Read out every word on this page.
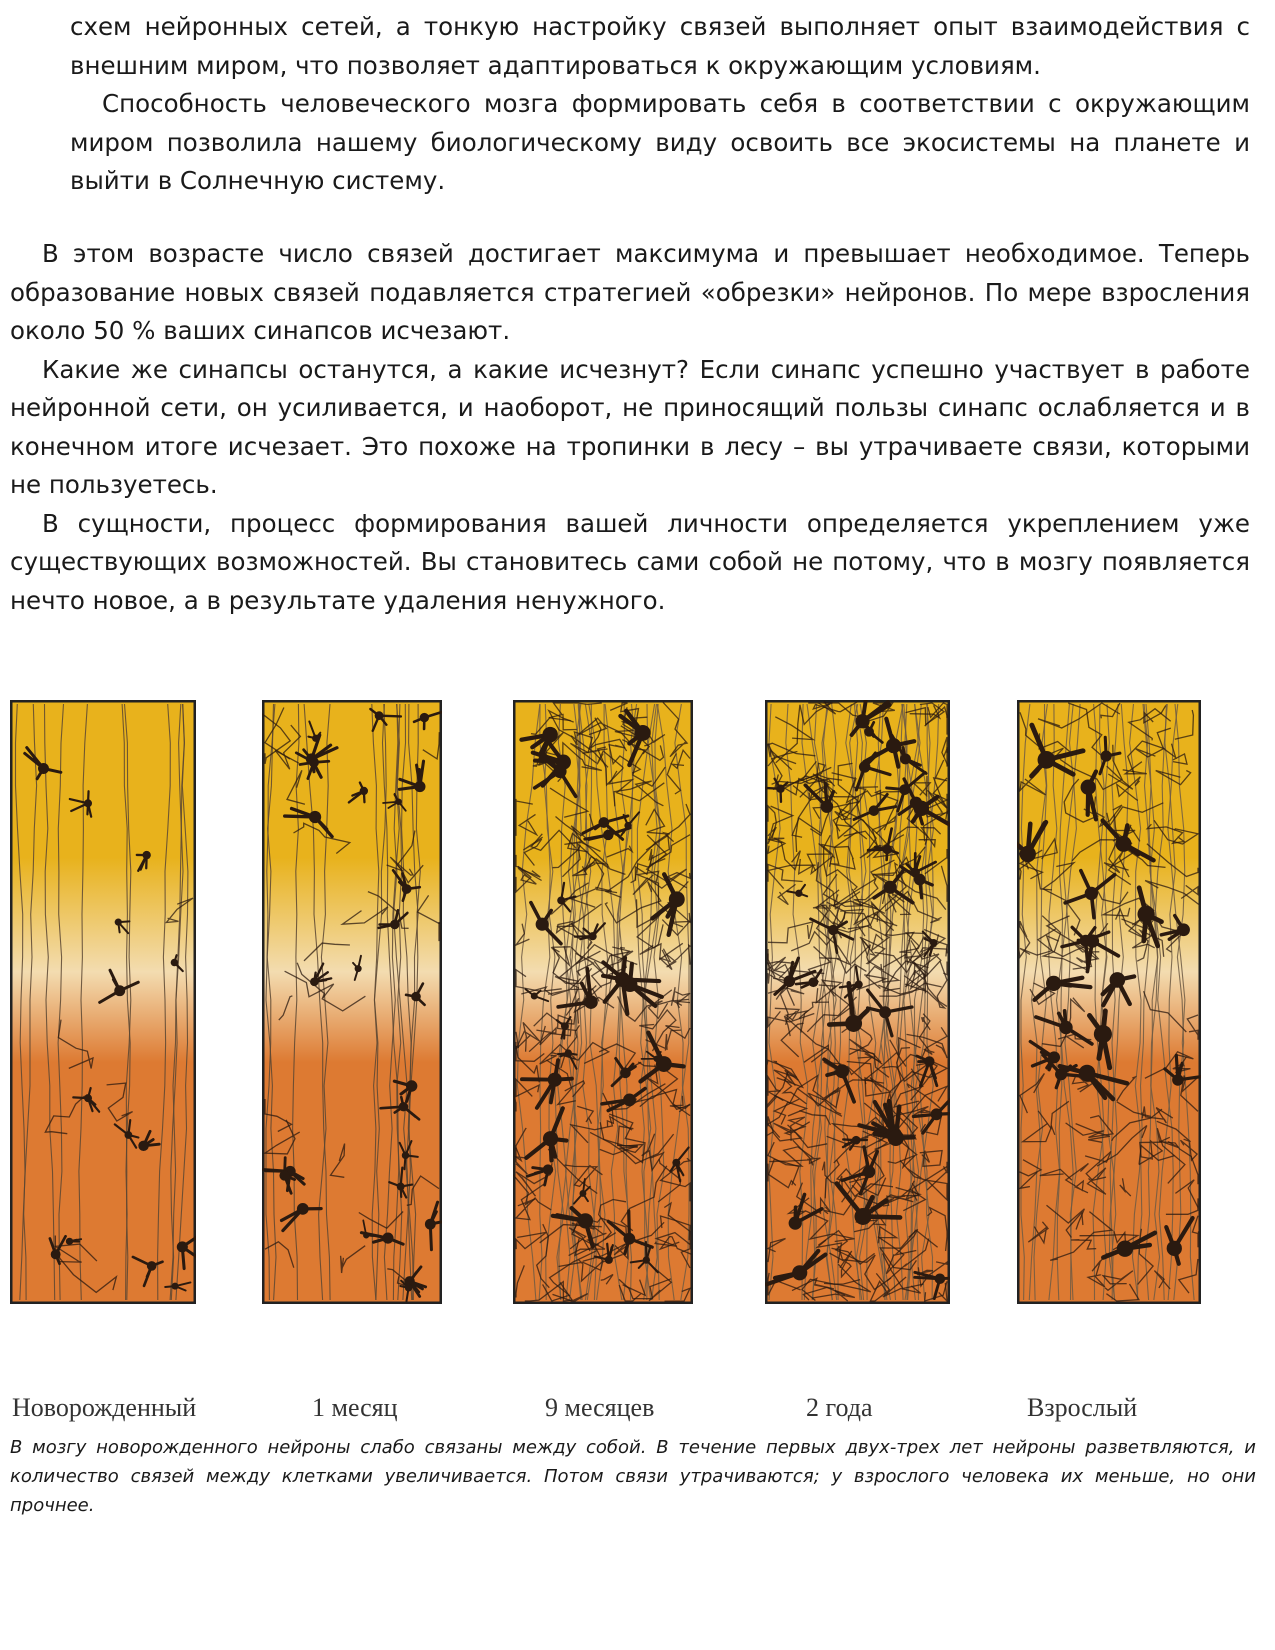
схем нейронных сетей, а тонкую настройку связей выполняет опыт взаимодействия с внешним миром, что позволяет адаптироваться к окружающим условиям.

Способность человеческого мозга формировать себя в соответствии с окружающим миром позволила нашему биологическому виду освоить все экосистемы на планете и выйти в Солнечную систему.

В этом возрасте число связей достигает максимума и превышает необходимое. Теперь образование новых связей подавляется стратегией «обрезки» нейронов. По мере взросления около 50 % ваших синапсов исчезают.

Какие же синапсы останутся, а какие исчезнут? Если синапс успешно участвует в работе нейронной сети, он усиливается, и наоборот, не приносящий пользы синапс ослабляется и в конечном итоге исчезает. Это похоже на тропинки в лесу – вы утрачиваете связи, которыми не пользуетесь.

В сущности, процесс формирования вашей личности определяется укреплением уже существующих возможностей. Вы становитесь сами собой не потому, что в мозгу появляется нечто новое, а в результате удаления ненужного.

Новорожденный	1 месяц	9 месяцев	2 года	Взрослый
В мозгу новорожденного нейроны слабо связаны между собой. В течение первых двух-трех лет нейроны разветвляются, и количество связей между клетками увеличивается. Потом связи утрачиваются; у взрослого человека их меньше, но они прочнее.
